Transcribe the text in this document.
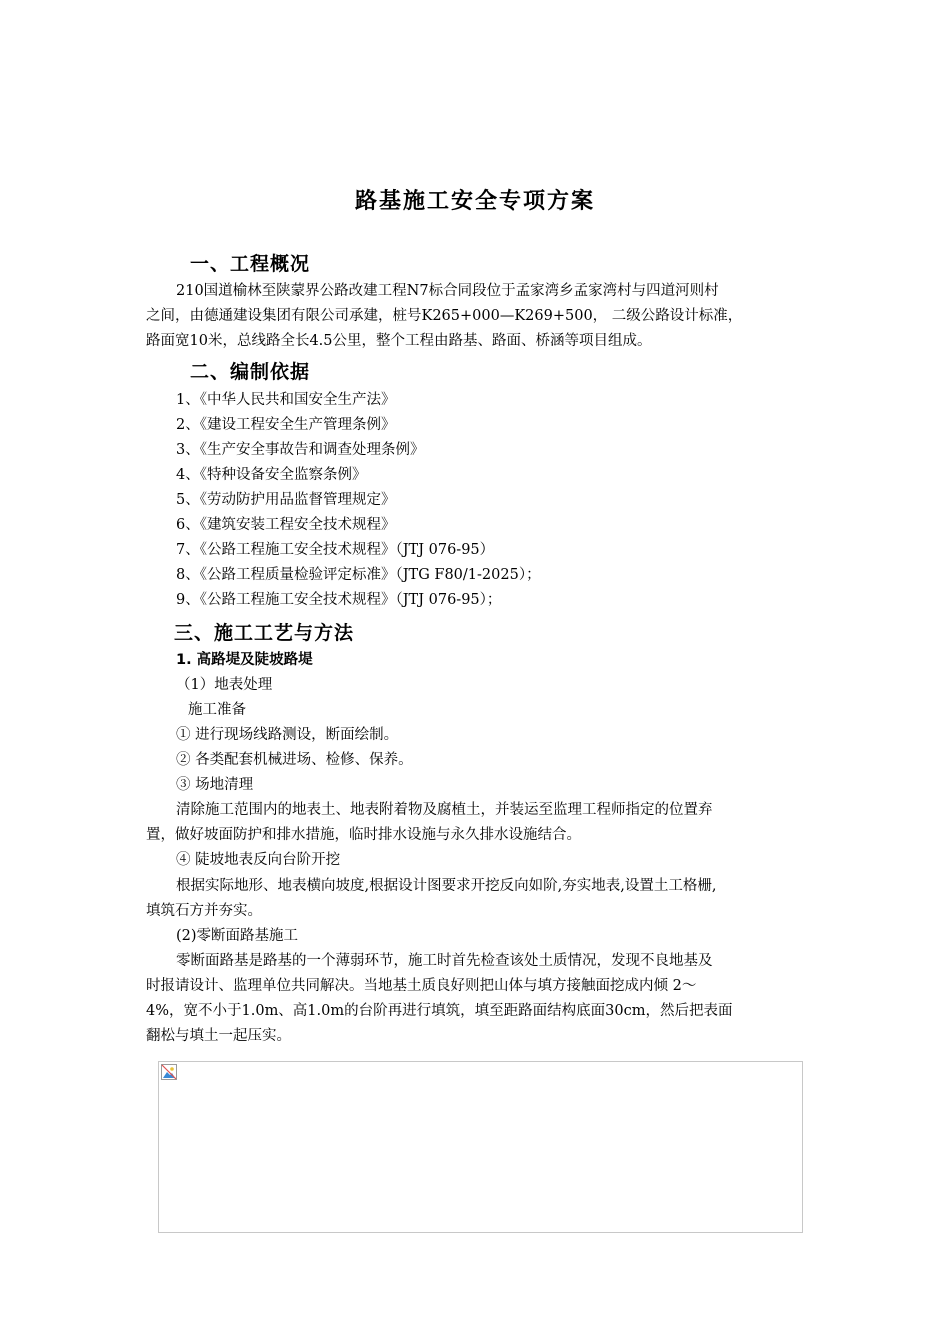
路基施工安全专项方案
一、工程概况
210国道榆林至陕蒙界公路改建工程N7标合同段位于孟家湾乡孟家湾村与四道河则村
之间，由德通建设集团有限公司承建，桩号K265+000—K269+500， 二级公路设计标准，
路面宽10米，总线路全长4.5公里，整个工程由路基、路面、桥涵等项目组成。
二、编制依据
1、《中华人民共和国安全生产法》
2、《建设工程安全生产管理条例》
3、《生产安全事故告和调查处理条例》
4、《特种设备安全监察条例》
5、《劳动防护用品监督管理规定》
6、《建筑安装工程安全技术规程》
7、《公路工程施工安全技术规程》（JTJ 076-95）
8、《公路工程质量检验评定标准》（JTG F80/1-2025）；
9、《公路工程施工安全技术规程》（JTJ 076-95）；
三、施工工艺与方法
1. 高路堤及陡坡路堤
（1）地表处理
施工准备
① 进行现场线路测设，断面绘制。
② 各类配套机械进场、检修、保养。
③ 场地清理
清除施工范围内的地表土、地表附着物及腐植土，并装运至监理工程师指定的位置弃
置，做好坡面防护和排水措施，临时排水设施与永久排水设施结合。
④ 陡坡地表反向台阶开挖
根据实际地形、地表横向坡度,根据设计图要求开挖反向如阶,夯实地表,设置土工格栅,
填筑石方并夯实。
(2)零断面路基施工
零断面路基是路基的一个薄弱环节，施工时首先检查该处土质情况，发现不良地基及
时报请设计、监理单位共同解决。当地基土质良好则把山体与填方接触面挖成内倾 2～
4%，宽不小于1.0m、高1.0m的台阶再进行填筑，填至距路面结构底面30cm，然后把表面
翻松与填土一起压实。
